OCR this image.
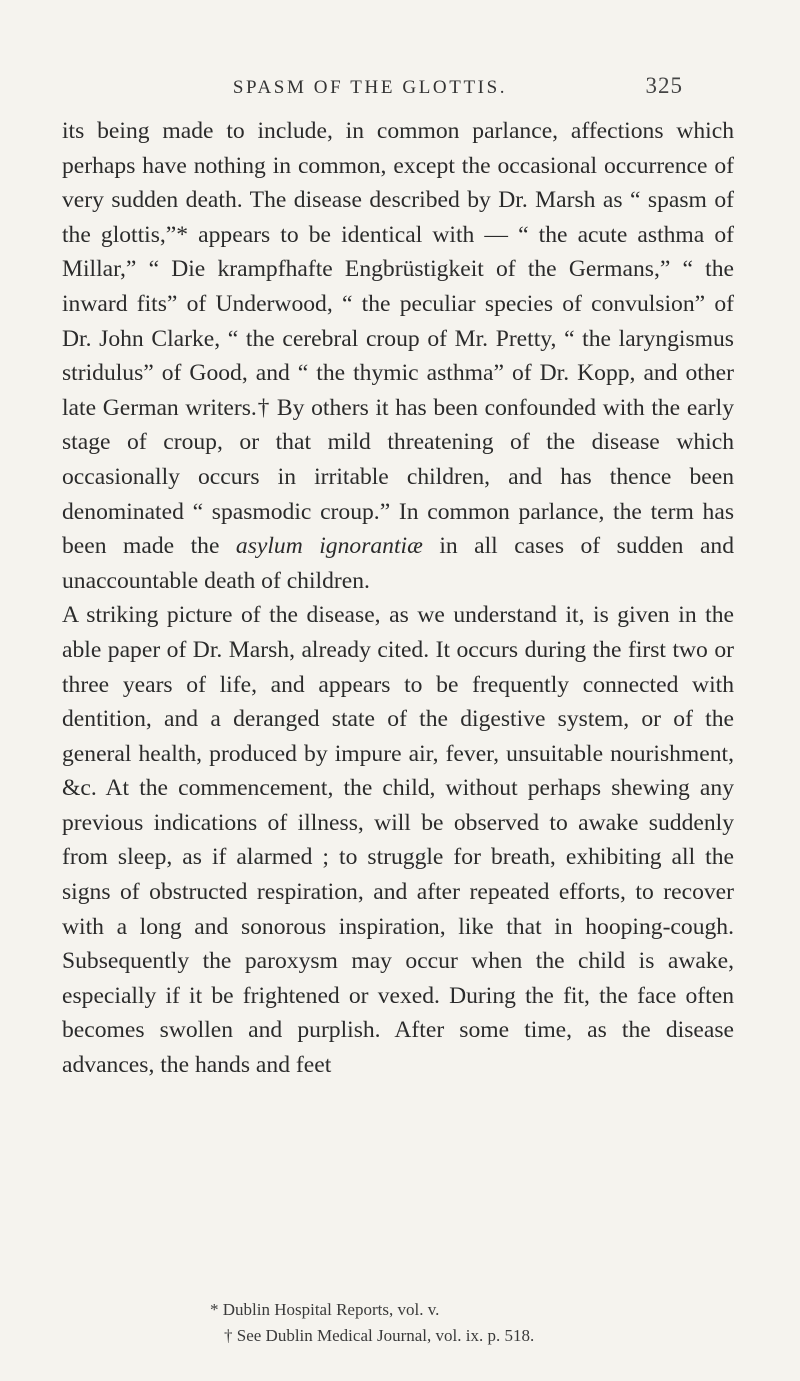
SPASM OF THE GLOTTIS.	325

its being made to include, in common parlance, affections which perhaps have nothing in common, except the occasional occurrence of very sudden death. The disease described by Dr. Marsh as “ spasm of the glottis,”* appears to be identical with — “ the acute asthma of Millar,” “ Die krampfhafte Engbrüstigkeit of the Germans,” “ the inward fits” of Underwood, “ the peculiar species of convulsion” of Dr. John Clarke, “ the cerebral croup of Mr. Pretty, “ the laryngismus stridulus” of Good, and “ the thymic asthma” of Dr. Kopp, and other late German writers.† By others it has been confounded with the early stage of croup, or that mild threatening of the disease which occasionally occurs in irritable children, and has thence been denominated “ spasmodic croup.” In common parlance, the term has been made the asylum ignorantiæ in all cases of sudden and unaccountable death of children.

A striking picture of the disease, as we understand it, is given in the able paper of Dr. Marsh, already cited. It occurs during the first two or three years of life, and appears to be frequently connected with dentition, and a deranged state of the digestive system, or of the general health, produced by impure air, fever, unsuitable nourishment, &c. At the commencement, the child, without perhaps shewing any previous indications of illness, will be observed to awake suddenly from sleep, as if alarmed ; to struggle for breath, exhibiting all the signs of obstructed respiration, and after repeated efforts, to recover with a long and sonorous inspiration, like that in hooping-cough. Subsequently the paroxysm may occur when the child is awake, especially if it be frightened or vexed. During the fit, the face often becomes swollen and purplish. After some time, as the disease advances, the hands and feet

* Dublin Hospital Reports, vol. v.
† See Dublin Medical Journal, vol. ix. p. 518.
